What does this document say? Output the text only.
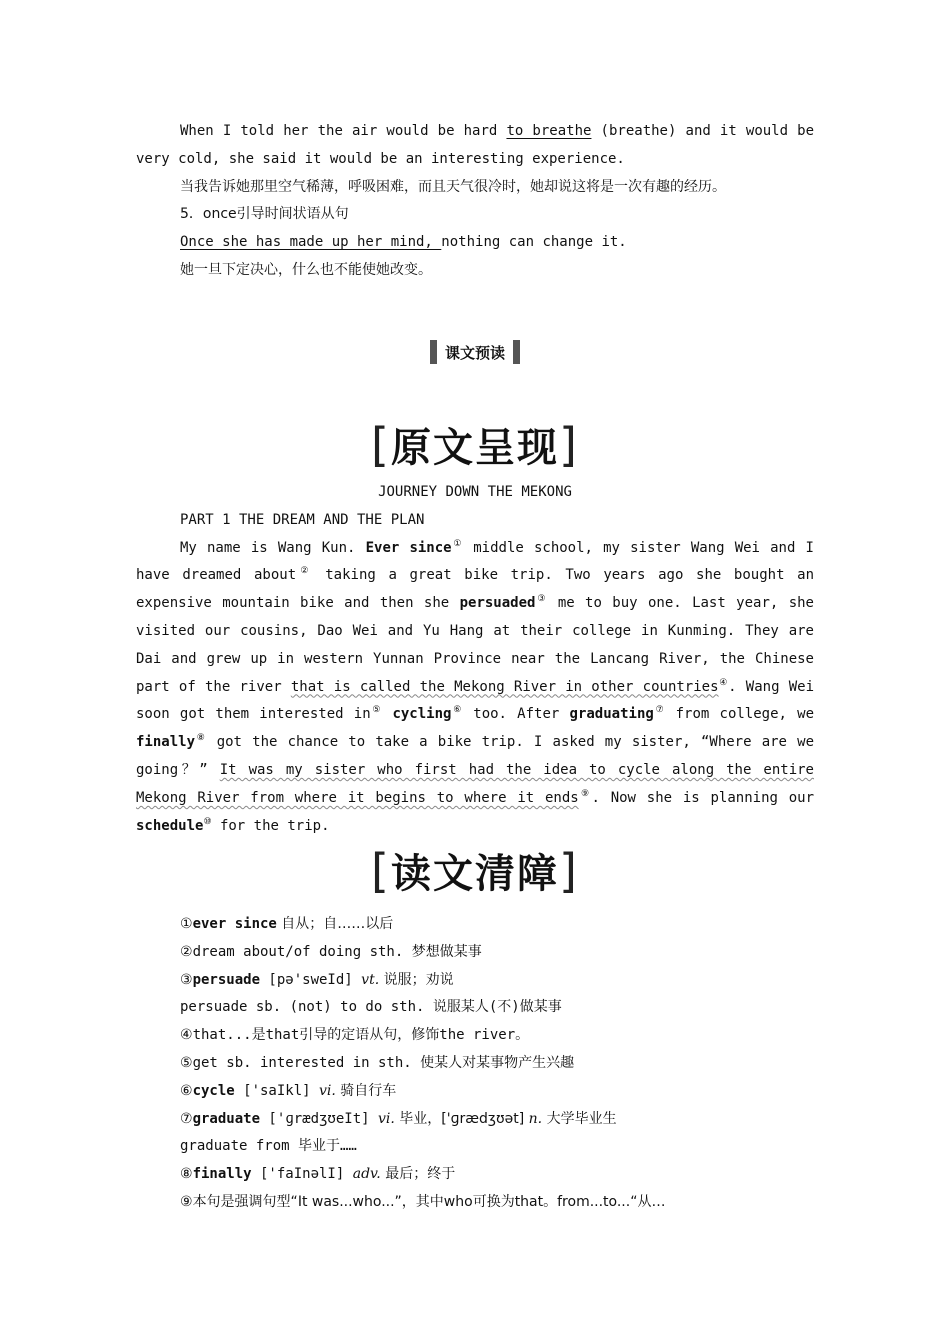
When I told her the air would be hard to breathe (breathe) and it would be very cold, she said it would be an interesting experience.

当我告诉她那里空气稀薄，呼吸困难，而且天气很冷时，她却说这将是一次有趣的经历。

5．once引导时间状语从句

Once she has made up her mind, nothing can change it.

她一旦下定决心，什么也不能使她改变。

课文预读
[原文呈现]

JOURNEY DOWN THE MEKONG

PART 1 THE DREAM AND THE PLAN

My name is Wang Kun. Ever since① middle school, my sister Wang Wei and I have dreamed about② taking a great bike trip. Two years ago she bought an expensive mountain bike and then she persuaded③ me to buy one. Last year, she visited our cousins, Dao Wei and Yu Hang at their college in Kunming. They are Dai and grew up in western Yunnan Province near the Lancang River, the Chinese part of the river that is called the Mekong River in other countries④. Wang Wei soon got them interested in⑤ cycling⑥ too. After graduating⑦ from college, we finally⑧ got the chance to take a bike trip. I asked my sister, “Where are we going？” It was my sister who first had the idea to cycle along the entire Mekong River from where it begins to where it ends⑨. Now she is planning our schedule⑩ for the trip.

[读文清障]

①ever since 自从；自……以后

②dream about/of doing sth. 梦想做某事

③persuade [pə'sweId] vt. 说服；劝说

persuade sb. (not) to do sth. 说服某人(不)做某事

④that...是that引导的定语从句，修饰the river。

⑤get sb. interested in sth. 使某人对某事物产生兴趣

⑥cycle ['saIkl] vi. 骑自行车

⑦graduate ['ɡrædʒʊeIt] vi. 毕业，['ɡrædʒʊət] n. 大学毕业生

graduate from 毕业于……

⑧finally ['faInəlI] adv. 最后；终于

⑨本句是强调句型“It was...who...”，其中who可换为that。from...to...“从…
